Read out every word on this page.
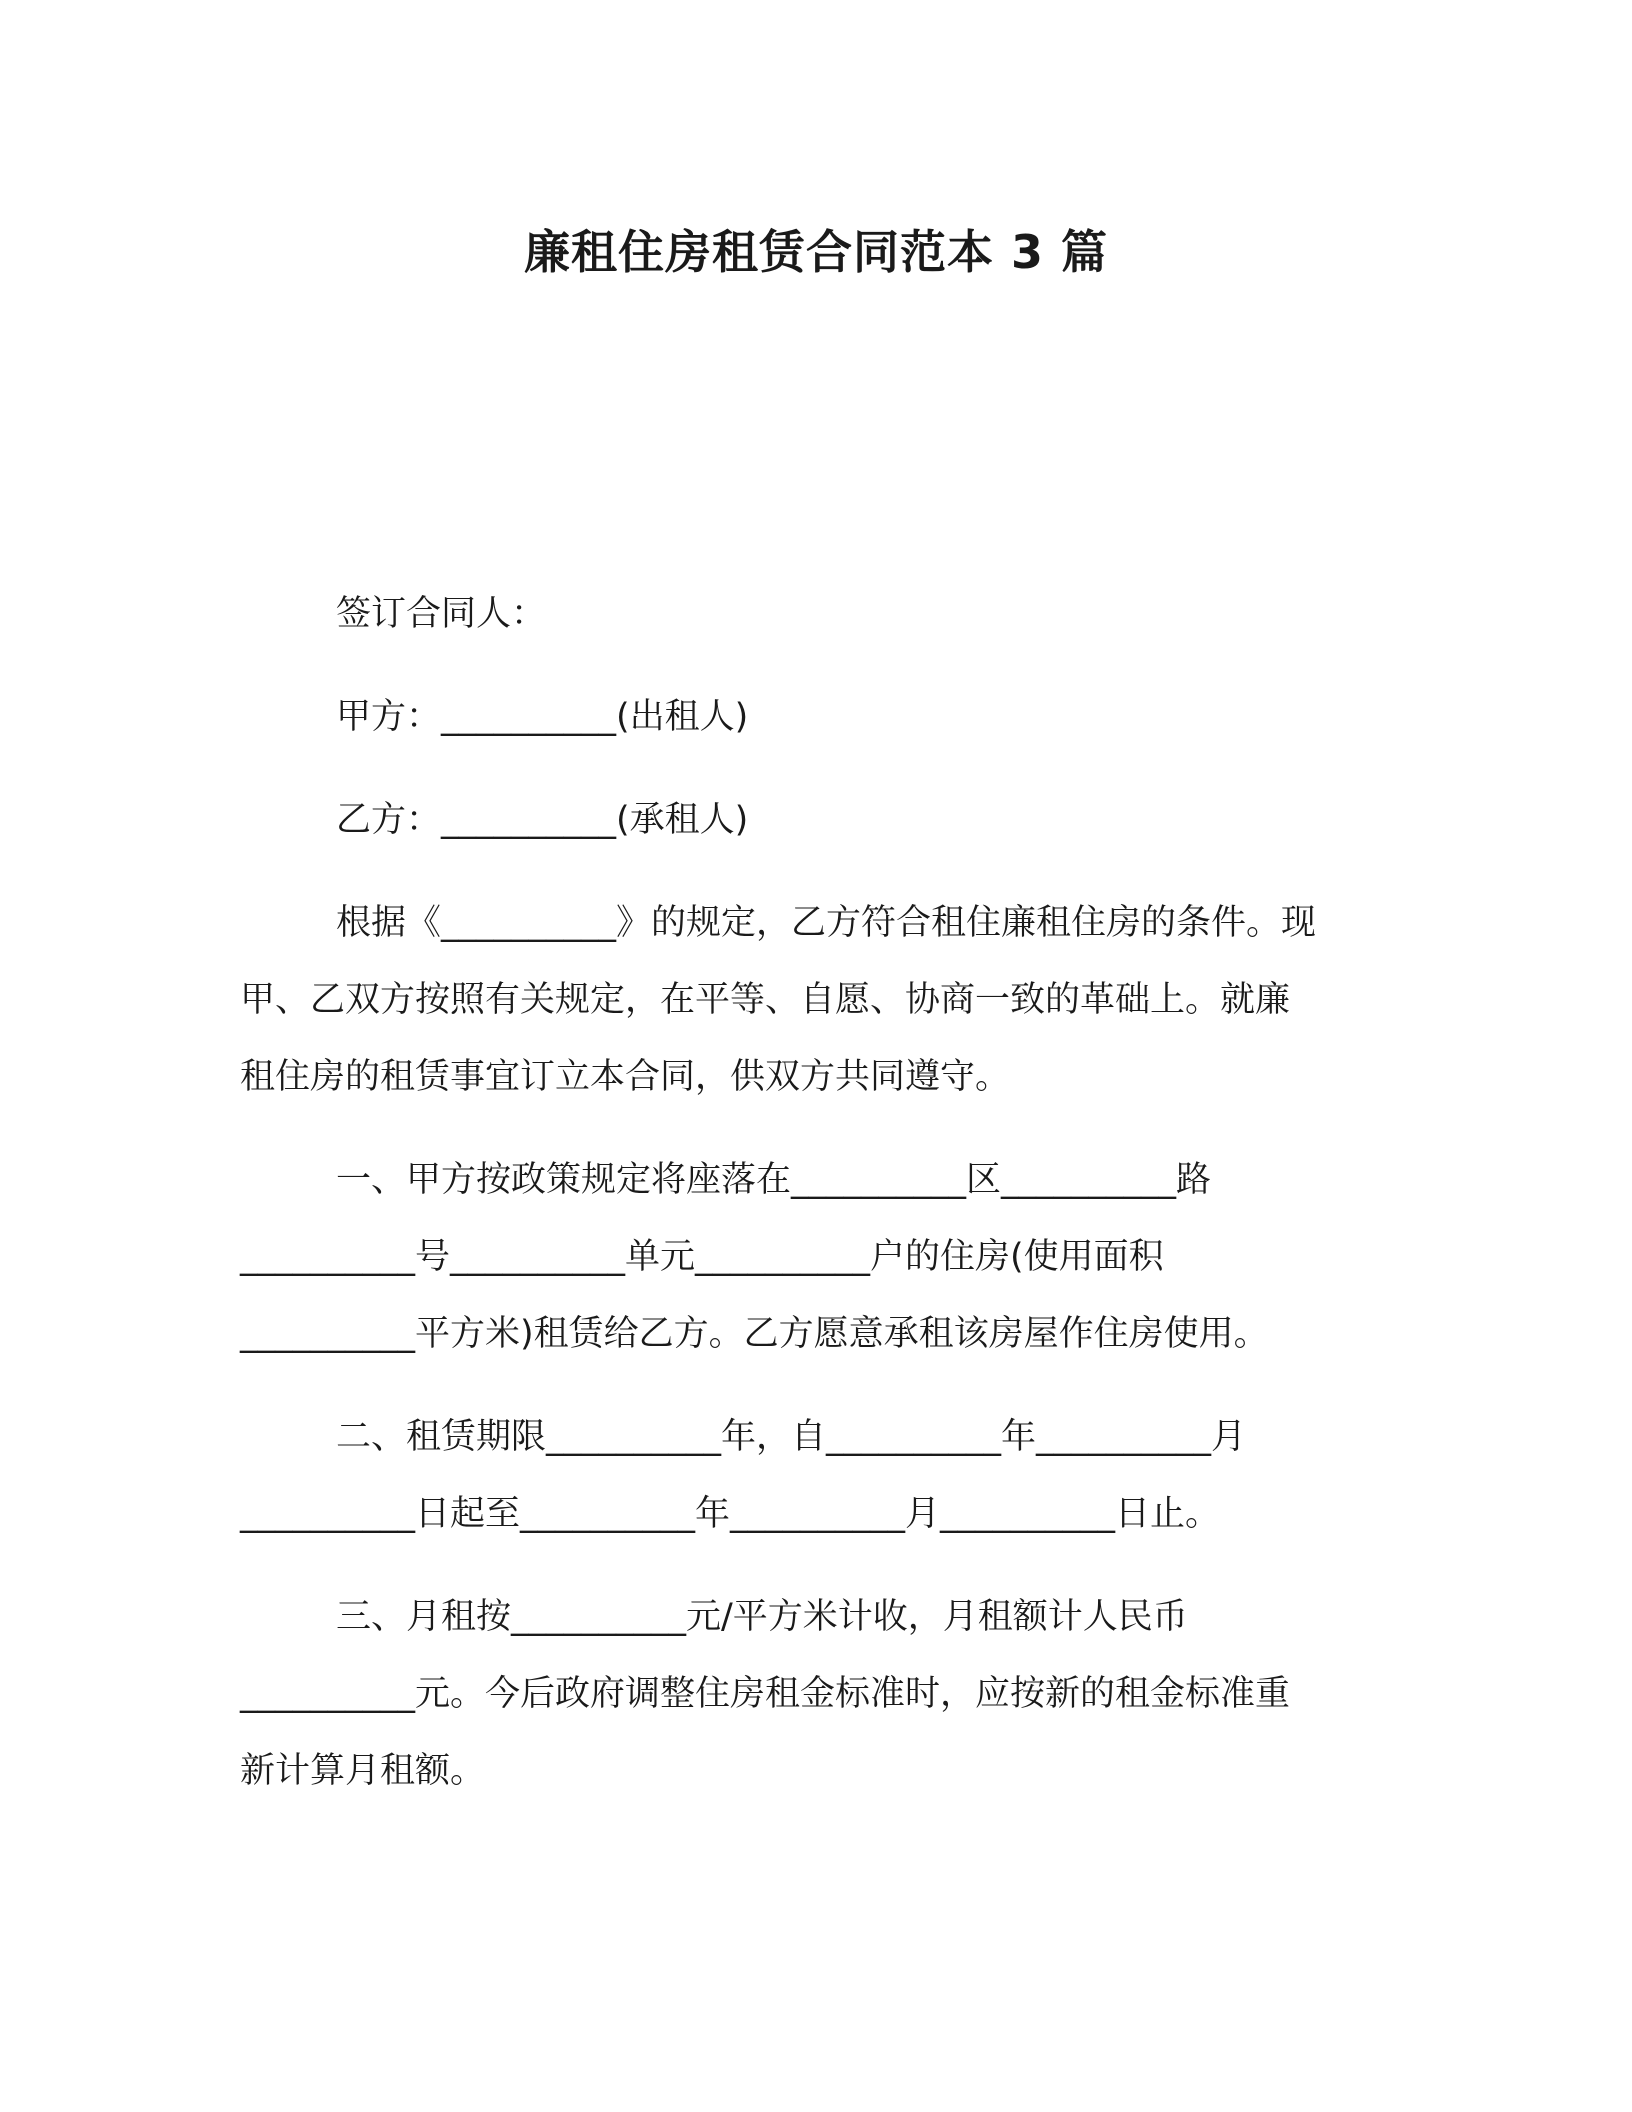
廉租住房租赁合同范本 3 篇
签订合同人：
甲方：__________(出租人)
乙方：__________(承租人)
根据《__________》的规定，乙方符合租住廉租住房的条件。现
甲、乙双方按照有关规定，在平等、自愿、协商一致的革础上。就廉
租住房的租赁事宜订立本合同，供双方共同遵守。
一、甲方按政策规定将座落在__________区__________路
__________号__________单元__________户的住房(使用面积
__________平方米)租赁给乙方。乙方愿意承租该房屋作住房使用。
二、租赁期限__________年，自__________年__________月
__________日起至__________年__________月__________日止。
三、月租按__________元/平方米计收，月租额计人民币
__________元。今后政府调整住房租金标准时，应按新的租金标准重
新计算月租额。
